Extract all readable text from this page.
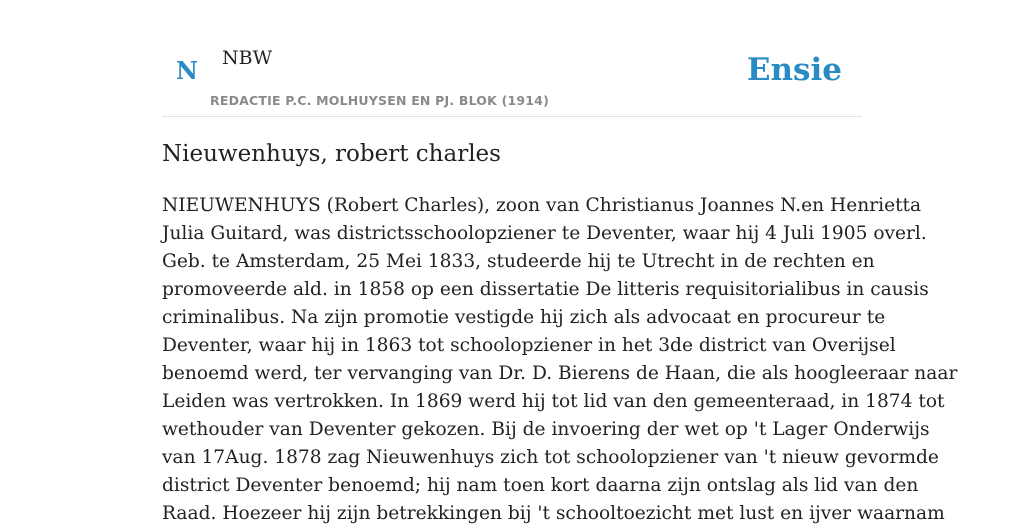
N NBW
REDACTIE P.C. MOLHUYSEN EN PJ. BLOK (1914)
Ensie
Nieuwenhuys, robert charles
NIEUWENHUYS (Robert Charles), zoon van Christianus Joannes N.en Henrietta
Julia Guitard, was districtsschoolopziener te Deventer, waar hij 4 Juli 1905 overl.
Geb. te Amsterdam, 25 Mei 1833, studeerde hij te Utrecht in de rechten en
promoveerde ald. in 1858 op een dissertatie De litteris requisitorialibus in causis
criminalibus. Na zijn promotie vestigde hij zich als advocaat en procureur te
Deventer, waar hij in 1863 tot schoolopziener in het 3de district van Overijsel
benoemd werd, ter vervanging van Dr. D. Bierens de Haan, die als hoogleeraar naar
Leiden was vertrokken. In 1869 werd hij tot lid van den gemeenteraad, in 1874 tot
wethouder van Deventer gekozen. Bij de invoering der wet op 't Lager Onderwijs
van 17Aug. 1878 zag Nieuwenhuys zich tot schoolopziener van 't nieuw gevormde
district Deventer benoemd; hij nam toen kort daarna zijn ontslag als lid van den
Raad. Hoezeer hij zijn betrekkingen bij 't schooltoezicht met lust en ijver waarnam
